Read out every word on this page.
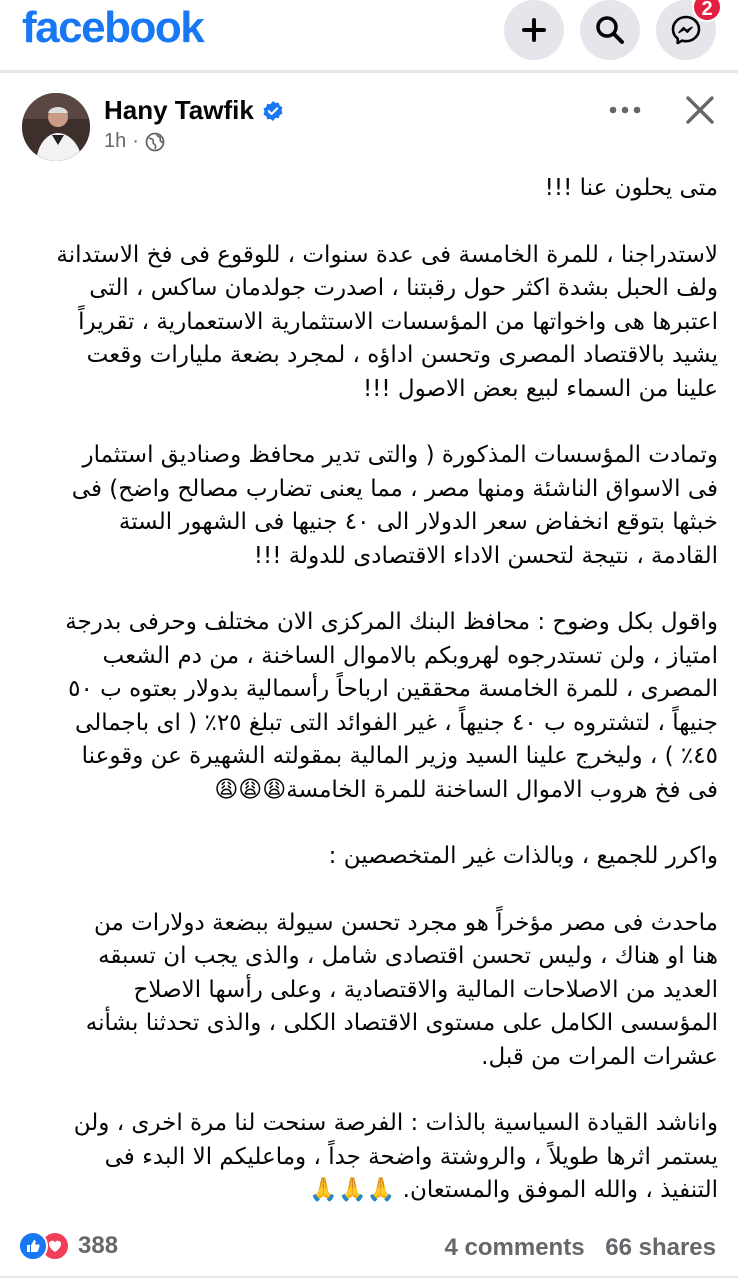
facebook	2
Hany Tawfik
1h ·

متى يحلون عنا !!!

لاستدراجنا ، للمرة الخامسة فى عدة سنوات ، للوقوع فى فخ الاستدانة
ولف الحبل بشدة اكثر حول رقبتنا ، اصدرت جولدمان ساكس ، التى
اعتبرها هى واخواتها من المؤسسات الاستثمارية الاستعمارية ، تقريراً
يشيد بالاقتصاد المصرى وتحسن اداؤه ، لمجرد بضعة مليارات وقعت
علينا من السماء لبيع بعض الاصول !!!

وتمادت المؤسسات المذكورة ( والتى تدير محافظ وصناديق استثمار
فى الاسواق الناشئة ومنها مصر ، مما يعنى تضارب مصالح واضح) فى
خبثها بتوقع انخفاض سعر الدولار الى ٤٠ جنيها فى الشهور الستة
القادمة ، نتيجة لتحسن الاداء الاقتصادى للدولة !!!

واقول بكل وضوح : محافظ البنك المركزى الان مختلف وحرفى بدرجة
امتياز ، ولن تستدرجوه لهروبكم بالاموال الساخنة ، من دم الشعب
المصرى ، للمرة الخامسة محققين ارباحاً رأسمالية بدولار بعتوه ب ٥٠
جنيهاً ، لتشتروه ب ٤٠ جنيهاً ، غير الفوائد التى تبلغ ٢٥٪ ( اى باجمالى
٤٥٪ ) ، وليخرج علينا السيد وزير المالية بمقولته الشهيرة عن وقوعنا
فى فخ هروب الاموال الساخنة للمرة الخامسة😩😩😩

واكرر للجميع ، وبالذات غير المتخصصين :

ماحدث فى مصر مؤخراً هو مجرد تحسن سيولة ببضعة دولارات من
هنا او هناك ، وليس تحسن اقتصادى شامل ، والذى يجب ان تسبقه
العديد من الاصلاحات المالية والاقتصادية ، وعلى رأسها الاصلاح
المؤسسى الكامل على مستوى الاقتصاد الكلى ، والذى تحدثنا بشأنه
عشرات المرات من قبل.

واناشد القيادة السياسية بالذات : الفرصة سنحت لنا مرة اخرى ، ولن
يستمر اثرها طويلاً ، والروشتة واضحة جداً ، وماعليكم الا البدء فى
التنفيذ ، والله الموفق والمستعان. 🙏🙏🙏

388	4 comments 66 shares
